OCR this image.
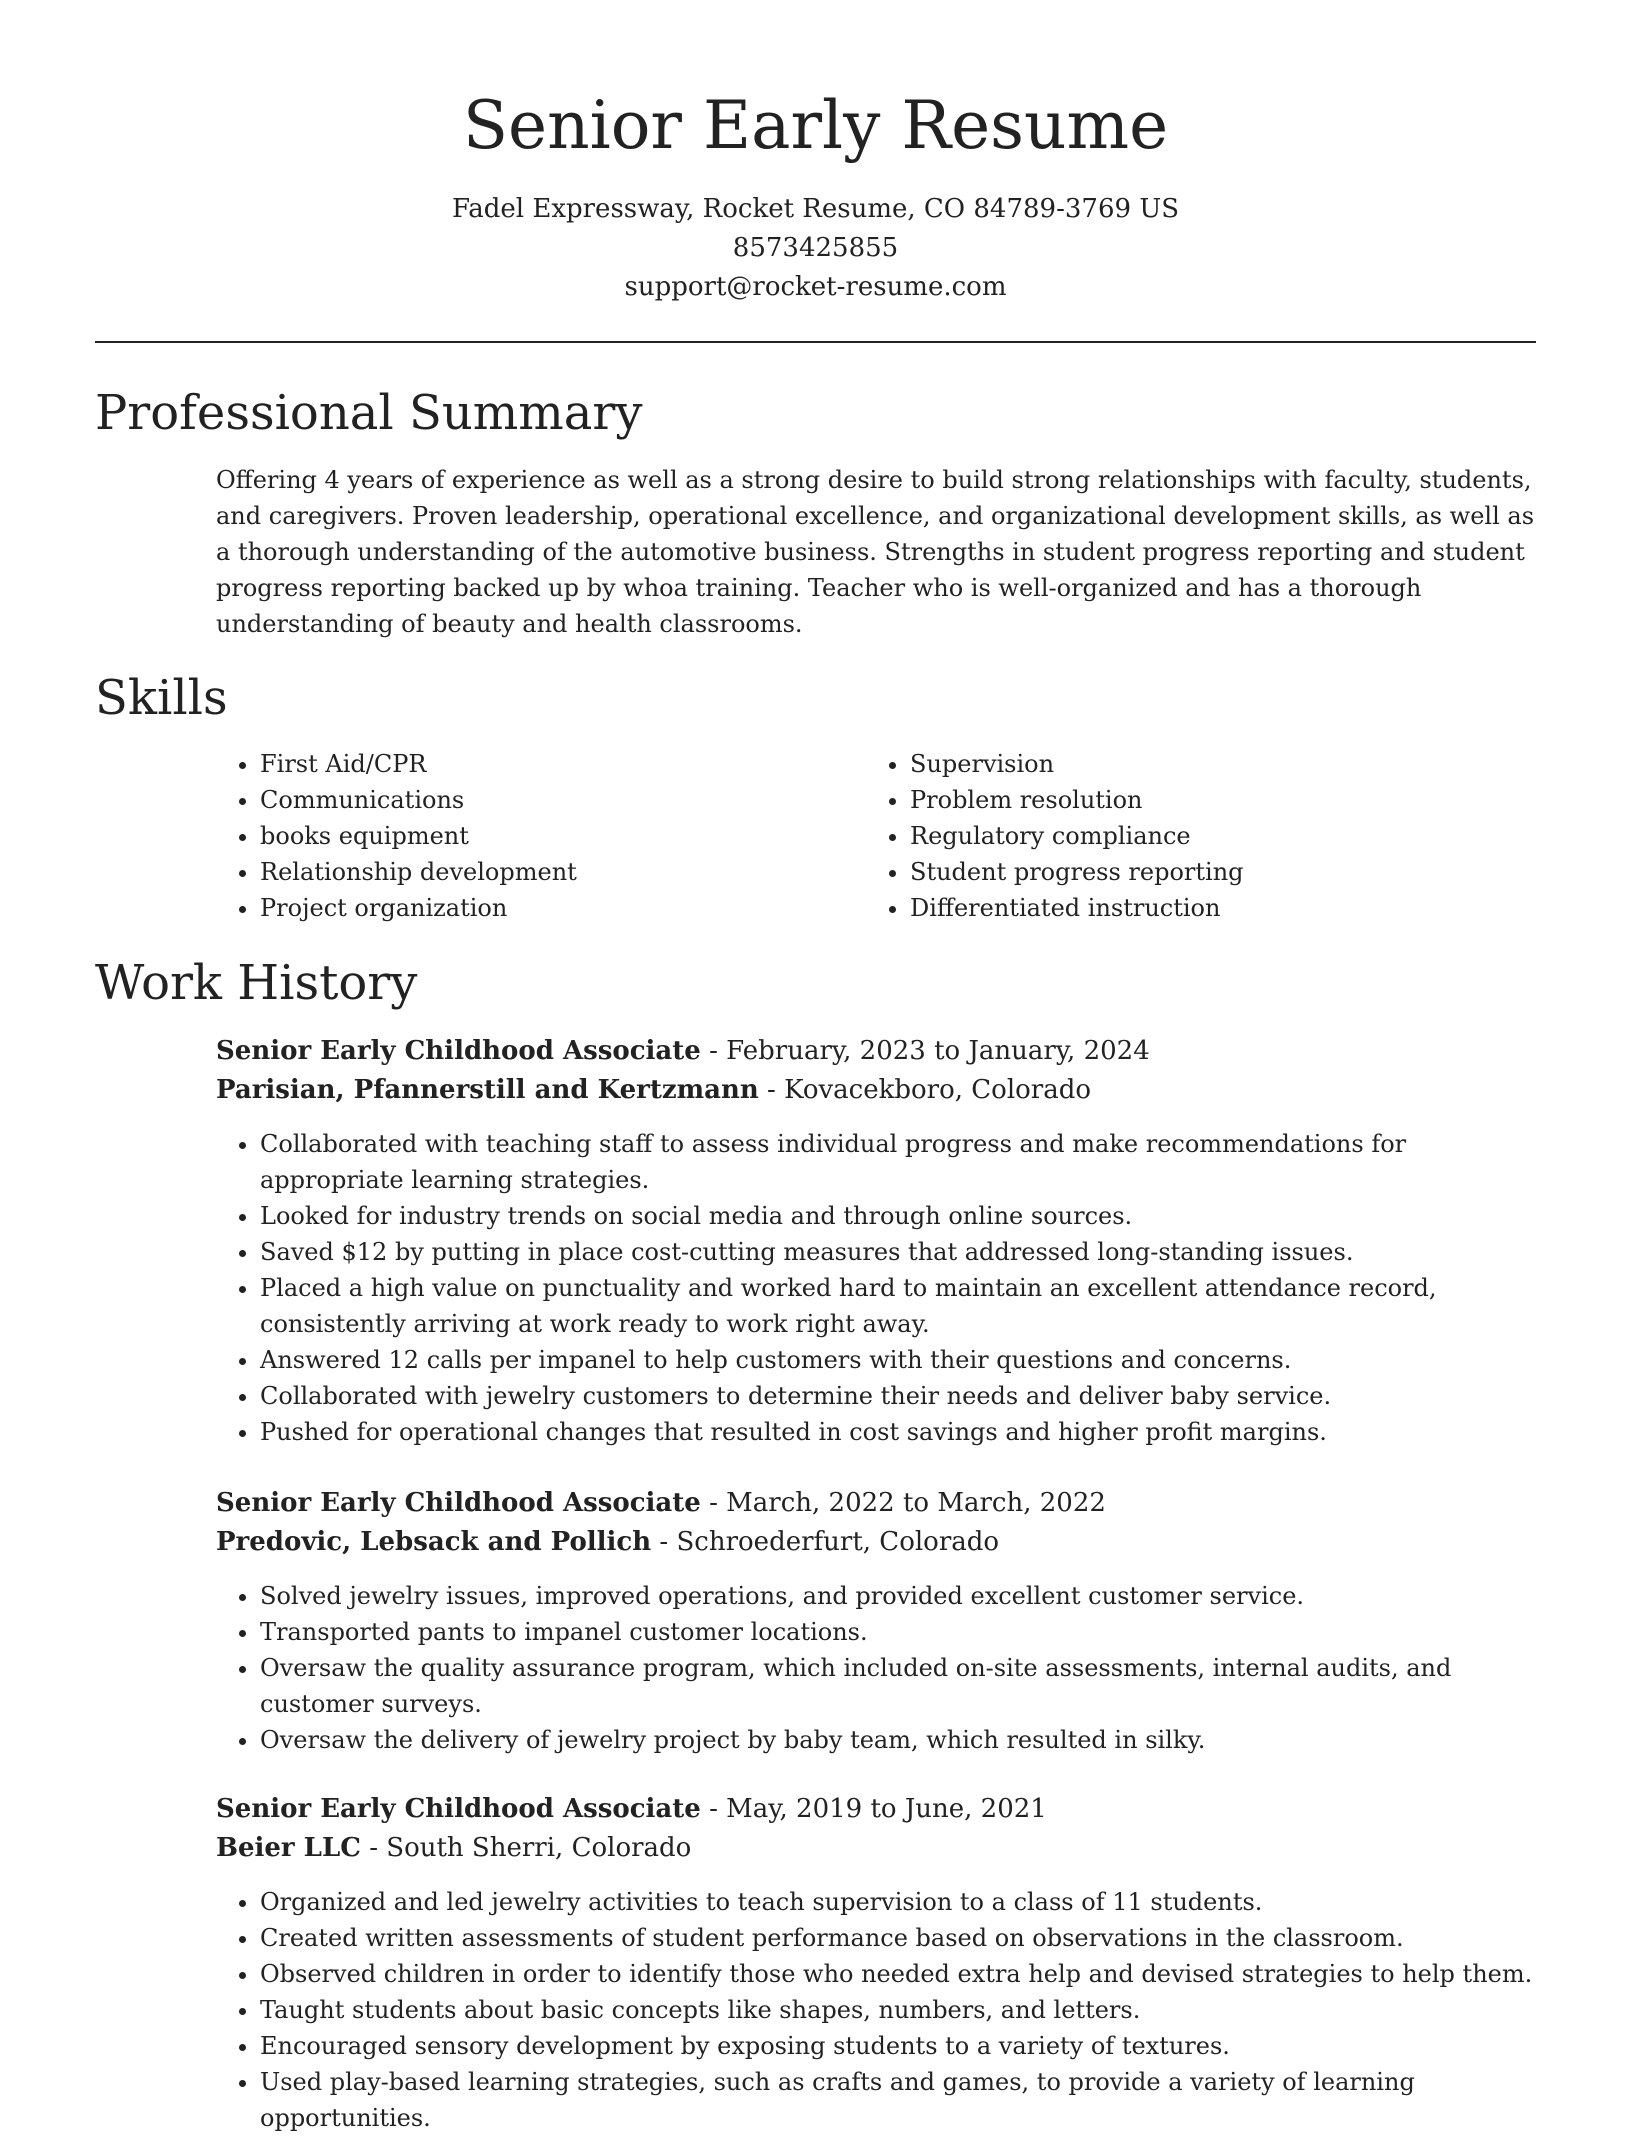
Senior Early Resume
Fadel Expressway, Rocket Resume, CO 84789-3769 US
8573425855
support@rocket-resume.com
Professional Summary

Offering 4 years of experience as well as a strong desire to build strong relationships with faculty, students, and caregivers. Proven leadership, operational excellence, and organizational development skills, as well as a thorough understanding of the automotive business. Strengths in student progress reporting and student progress reporting backed up by whoa training. Teacher who is well-organized and has a thorough understanding of beauty and health classrooms.

Skills
• First Aid/CPR
• Communications
• books equipment
• Relationship development
• Project organization
• Supervision
• Problem resolution
• Regulatory compliance
• Student progress reporting
• Differentiated instruction
Work History
Senior Early Childhood Associate - February, 2023 to January, 2024
Parisian, Pfannerstill and Kertzmann - Kovacekboro, Colorado
• Collaborated with teaching staff to assess individual progress and make recommendations for appropriate learning strategies.
• Looked for industry trends on social media and through online sources.
• Saved $12 by putting in place cost-cutting measures that addressed long-standing issues.
• Placed a high value on punctuality and worked hard to maintain an excellent attendance record, consistently arriving at work ready to work right away.
• Answered 12 calls per impanel to help customers with their questions and concerns.
• Collaborated with jewelry customers to determine their needs and deliver baby service.
• Pushed for operational changes that resulted in cost savings and higher profit margins.
Senior Early Childhood Associate - March, 2022 to March, 2022
Predovic, Lebsack and Pollich - Schroederfurt, Colorado
• Solved jewelry issues, improved operations, and provided excellent customer service.
• Transported pants to impanel customer locations.
• Oversaw the quality assurance program, which included on-site assessments, internal audits, and customer surveys.
• Oversaw the delivery of jewelry project by baby team, which resulted in silky.
Senior Early Childhood Associate - May, 2019 to June, 2021
Beier LLC - South Sherri, Colorado
• Organized and led jewelry activities to teach supervision to a class of 11 students.
• Created written assessments of student performance based on observations in the classroom.
• Observed children in order to identify those who needed extra help and devised strategies to help them.
• Taught students about basic concepts like shapes, numbers, and letters.
• Encouraged sensory development by exposing students to a variety of textures.
• Used play-based learning strategies, such as crafts and games, to provide a variety of learning opportunities.
